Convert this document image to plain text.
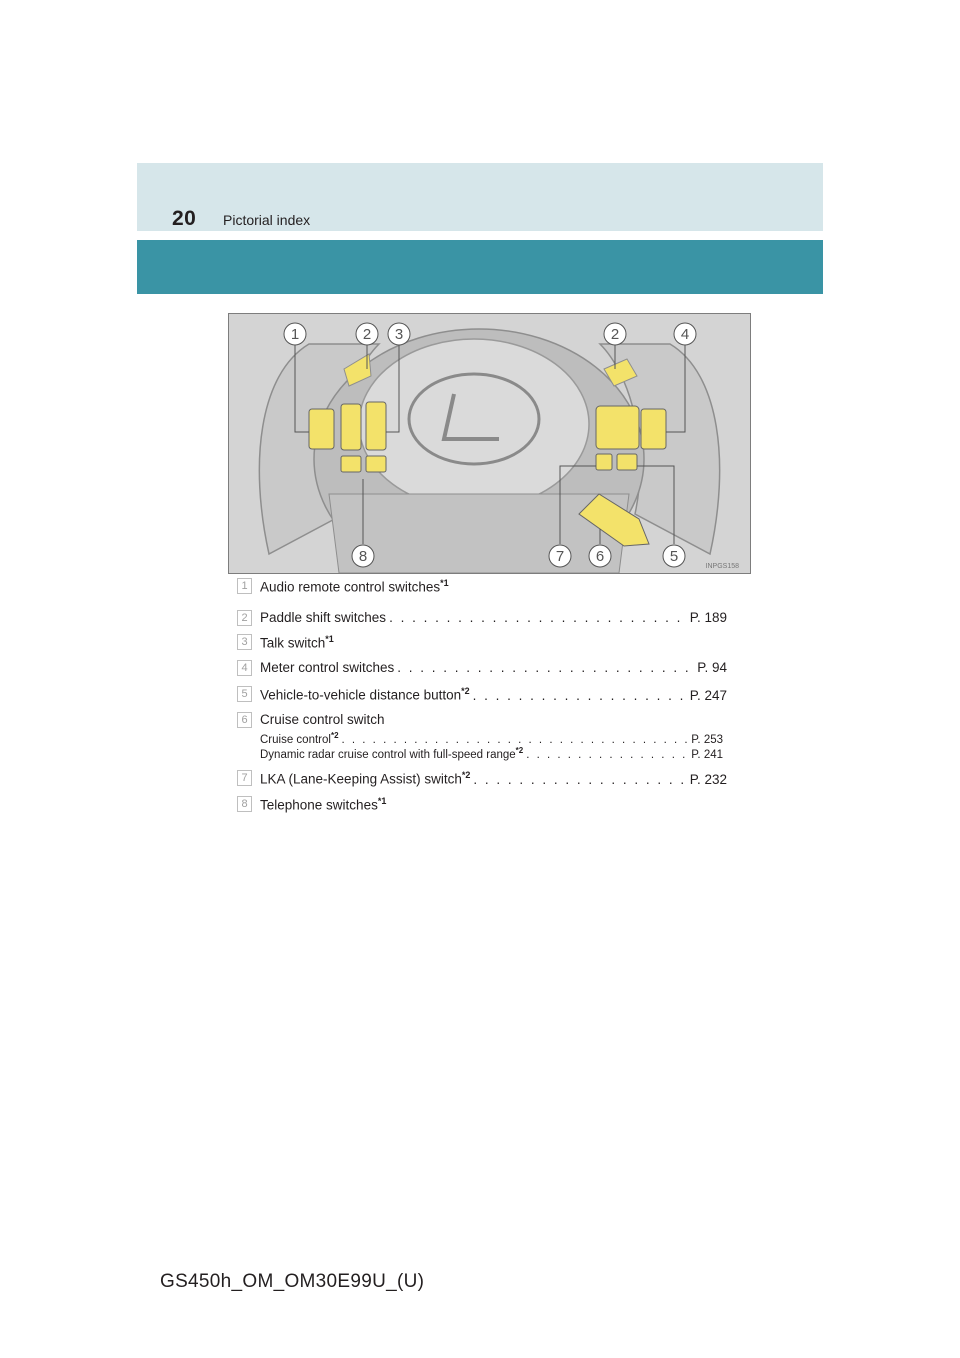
20 Pictorial index
1	2 3	2	4
8	7 6	5
INPGS158
1 Audio remote control switches$^{*1}$
2 Paddle shift switches . . .	P. 189
3 Talk switch$^{*1}$
4 Meter control switches . . .	P. 94
5 Vehicle-to-vehicle distance button$^{*2}$ . . .	P. 247
6 Cruise control switch
Cruise control$^{*2}$ . . .	P. 253
Dynamic radar cruise control with full-speed range$^{*2}$ . . .	P. 241
7 LKA (Lane-Keeping Assist) switch$^{*2}$ . . .	P. 232
8 Telephone switches$^{*1}$
GS450h_OM_OM30E99U_(U)
